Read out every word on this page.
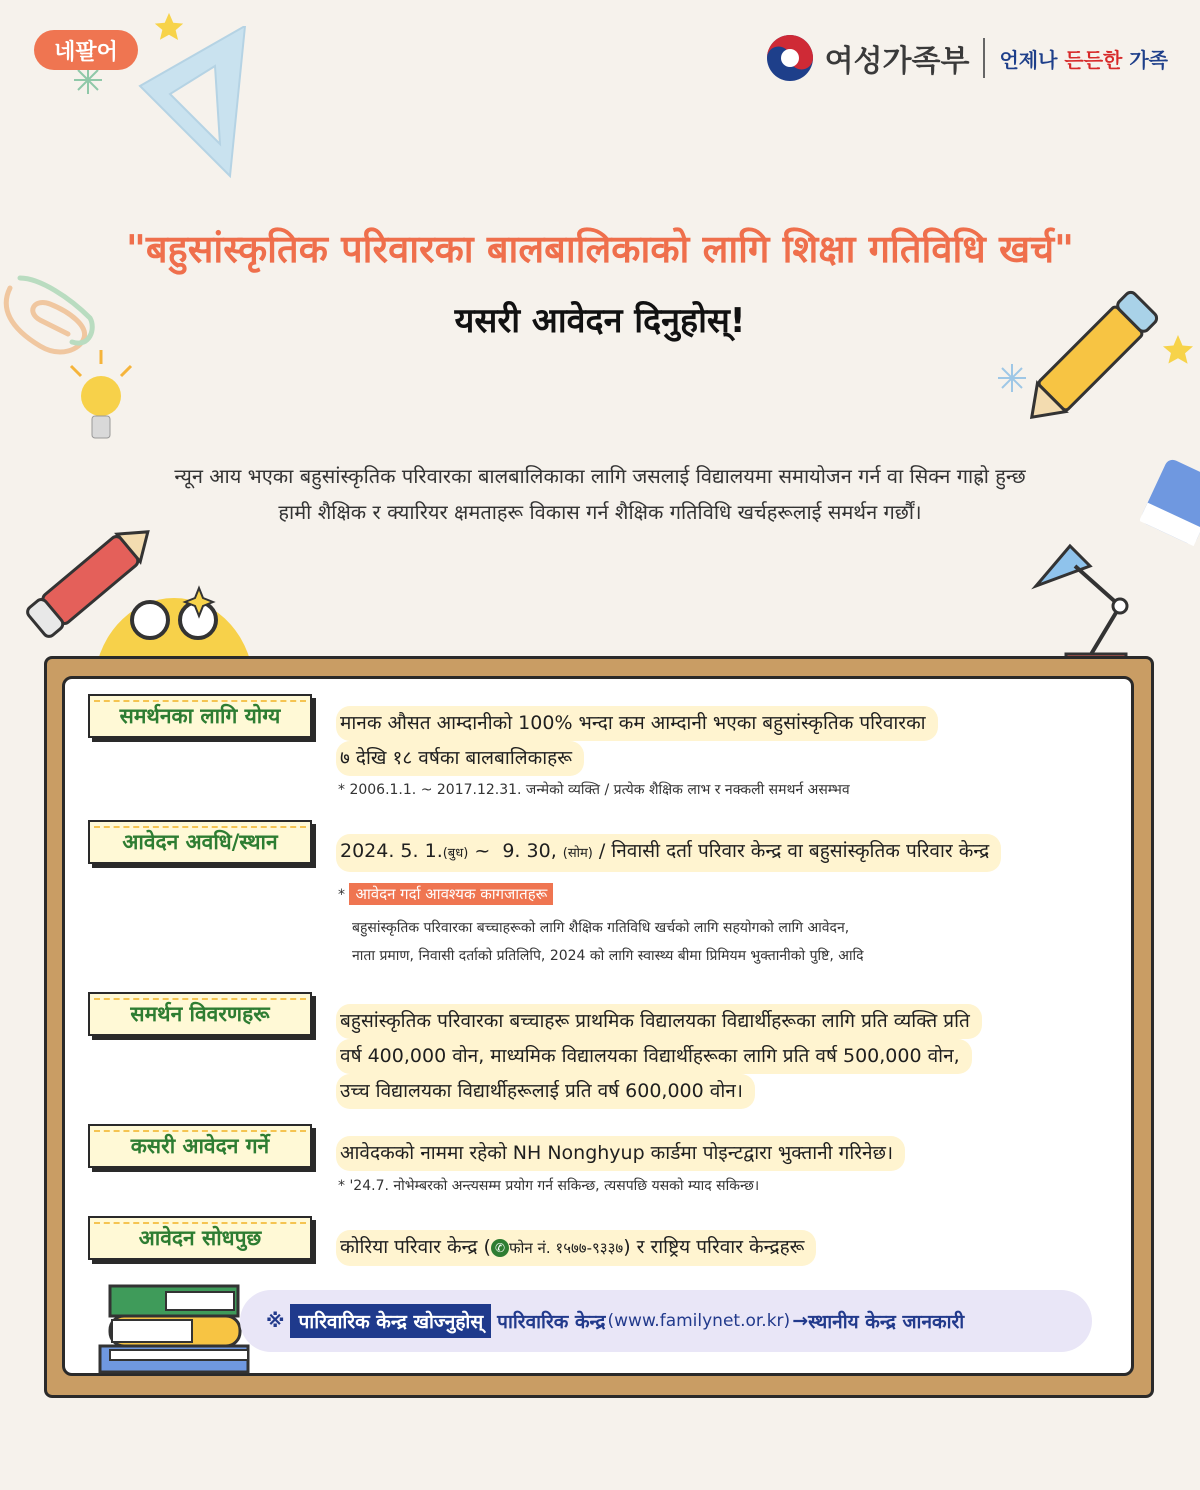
네팔어	여성가족부 언제나 든든한 가족
"बहुसांस्कृतिक परिवारका बालबालिकाको लागि शिक्षा गतिविधि खर्च"
यसरी आवेदन दिनुहोस्!
न्यून आय भएका बहुसांस्कृतिक परिवारका बालबालिकाका लागि जसलाई विद्यालयमा समायोजन गर्न वा सिक्न गाह्रो हुन्छ
हामी शैक्षिक र क्यारियर क्षमताहरू विकास गर्न शैक्षिक गतिविधि खर्चहरूलाई समर्थन गर्छौं।
समर्थनका लागि योग्य	मानक औसत आम्दानीको 100% भन्दा कम आम्दानी भएका बहुसांस्कृतिक परिवारका
७ देखि १८ वर्षका बालबालिकाहरू
* 2006.1.1. ~ 2017.12.31. जन्मेको व्यक्ति / प्रत्येक शैक्षिक लाभ र नक्कली समथर्न असम्भव
आवेदन अवधि/स्थान	2024. 5. 1.(बुध) ~  9. 30, (सोम) / निवासी दर्ता परिवार केन्द्र वा बहुसांस्कृतिक परिवार केन्द्र
* आवेदन गर्दा आवश्यक कागजातहरू
बहुसांस्कृतिक परिवारका बच्चाहरूको लागि शैक्षिक गतिविधि खर्चको लागि सहयोगको लागि आवेदन,
नाता प्रमाण, निवासी दर्ताको प्रतिलिपि, 2024 को लागि स्वास्थ्य बीमा प्रिमियम भुक्तानीको पुष्टि, आदि
समर्थन विवरणहरू	बहुसांस्कृतिक परिवारका बच्चाहरू प्राथमिक विद्यालयका विद्यार्थीहरूका लागि प्रति व्यक्ति प्रति
वर्ष 400,000 वोन, माध्यमिक विद्यालयका विद्यार्थीहरूका लागि प्रति वर्ष 500,000 वोन,
उच्च विद्यालयका विद्यार्थीहरूलाई प्रति वर्ष 600,000 वोन।
कसरी आवेदन गर्ने	आवेदकको नाममा रहेको NH Nonghyup कार्डमा पोइन्टद्वारा भुक्तानी गरिनेछ।
* '24.7. नोभेम्बरको अन्त्यसम्म प्रयोग गर्न सकिन्छ, त्यसपछि यसको म्याद सकिन्छ।
आवेदन सोधपुछ	कोरिया परिवार केन्द्र ( ✆ फोन नं. १५७७-९३३७) र राष्ट्रिय परिवार केन्द्रहरू
※ पारिवारिक केन्द्र खोज्नुहोस् पारिवारिक केन्द्र (www.familynet.or.kr) → स्थानीय केन्द्र जानकारी
